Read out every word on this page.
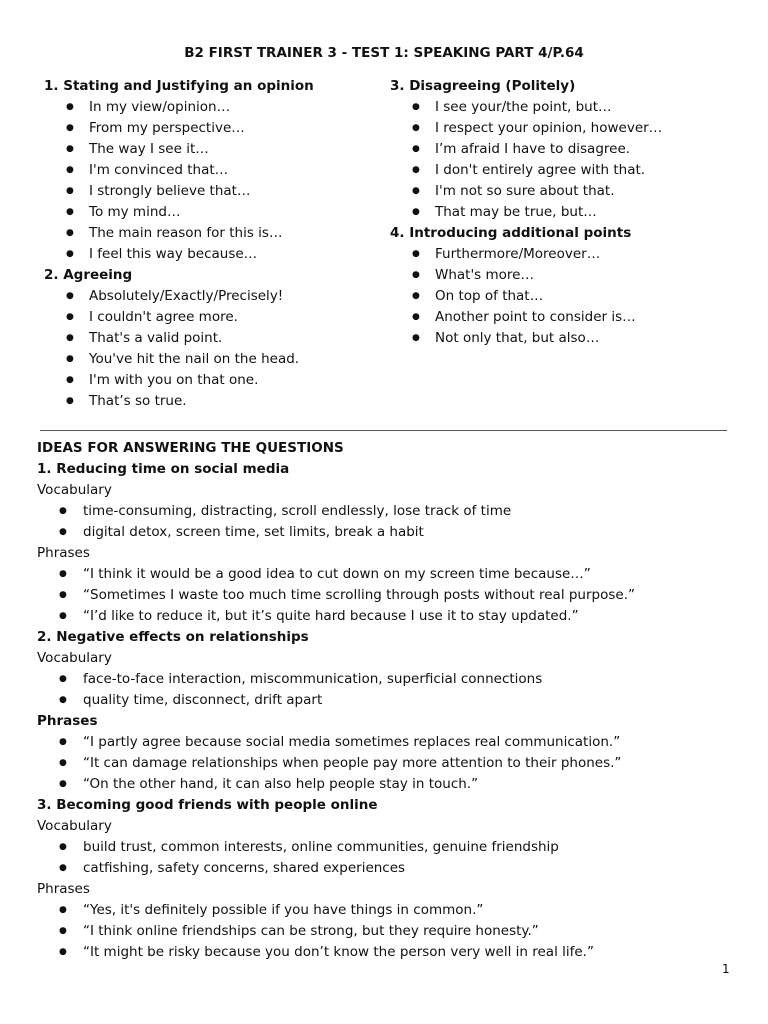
B2 FIRST TRAINER 3 - TEST 1: SPEAKING PART 4/P.64
1. Stating and Justifying an opinion
● In my view/opinion…
● From my perspective…
● The way I see it…
● I'm convinced that…
● I strongly believe that…
● To my mind…
● The main reason for this is…
● I feel this way because…
2. Agreeing
● Absolutely/Exactly/Precisely!
● I couldn't agree more.
● That's a valid point.
● You've hit the nail on the head.
● I'm with you on that one.
● That’s so true.
3. Disagreeing (Politely)
● I see your/the point, but…
● I respect your opinion, however…
● I’m afraid I have to disagree.
● I don't entirely agree with that.
● I'm not so sure about that.
● That may be true, but…
4. Introducing additional points
● Furthermore/Moreover…
● What's more…
● On top of that…
● Another point to consider is…
● Not only that, but also…
IDEAS FOR ANSWERING THE QUESTIONS
1. Reducing time on social media
Vocabulary
● time-consuming, distracting, scroll endlessly, lose track of time
● digital detox, screen time, set limits, break a habit
Phrases
● “I think it would be a good idea to cut down on my screen time because…”
● “Sometimes I waste too much time scrolling through posts without real purpose.”
● “I’d like to reduce it, but it’s quite hard because I use it to stay updated.”
2. Negative effects on relationships
Vocabulary
● face-to-face interaction, miscommunication, superficial connections
● quality time, disconnect, drift apart
Phrases
● “I partly agree because social media sometimes replaces real communication.”
● “It can damage relationships when people pay more attention to their phones.”
● “On the other hand, it can also help people stay in touch.”
3. Becoming good friends with people online
Vocabulary
● build trust, common interests, online communities, genuine friendship
● catfishing, safety concerns, shared experiences
Phrases
● “Yes, it's definitely possible if you have things in common.”
● “I think online friendships can be strong, but they require honesty.”
● “It might be risky because you don’t know the person very well in real life.”
1
